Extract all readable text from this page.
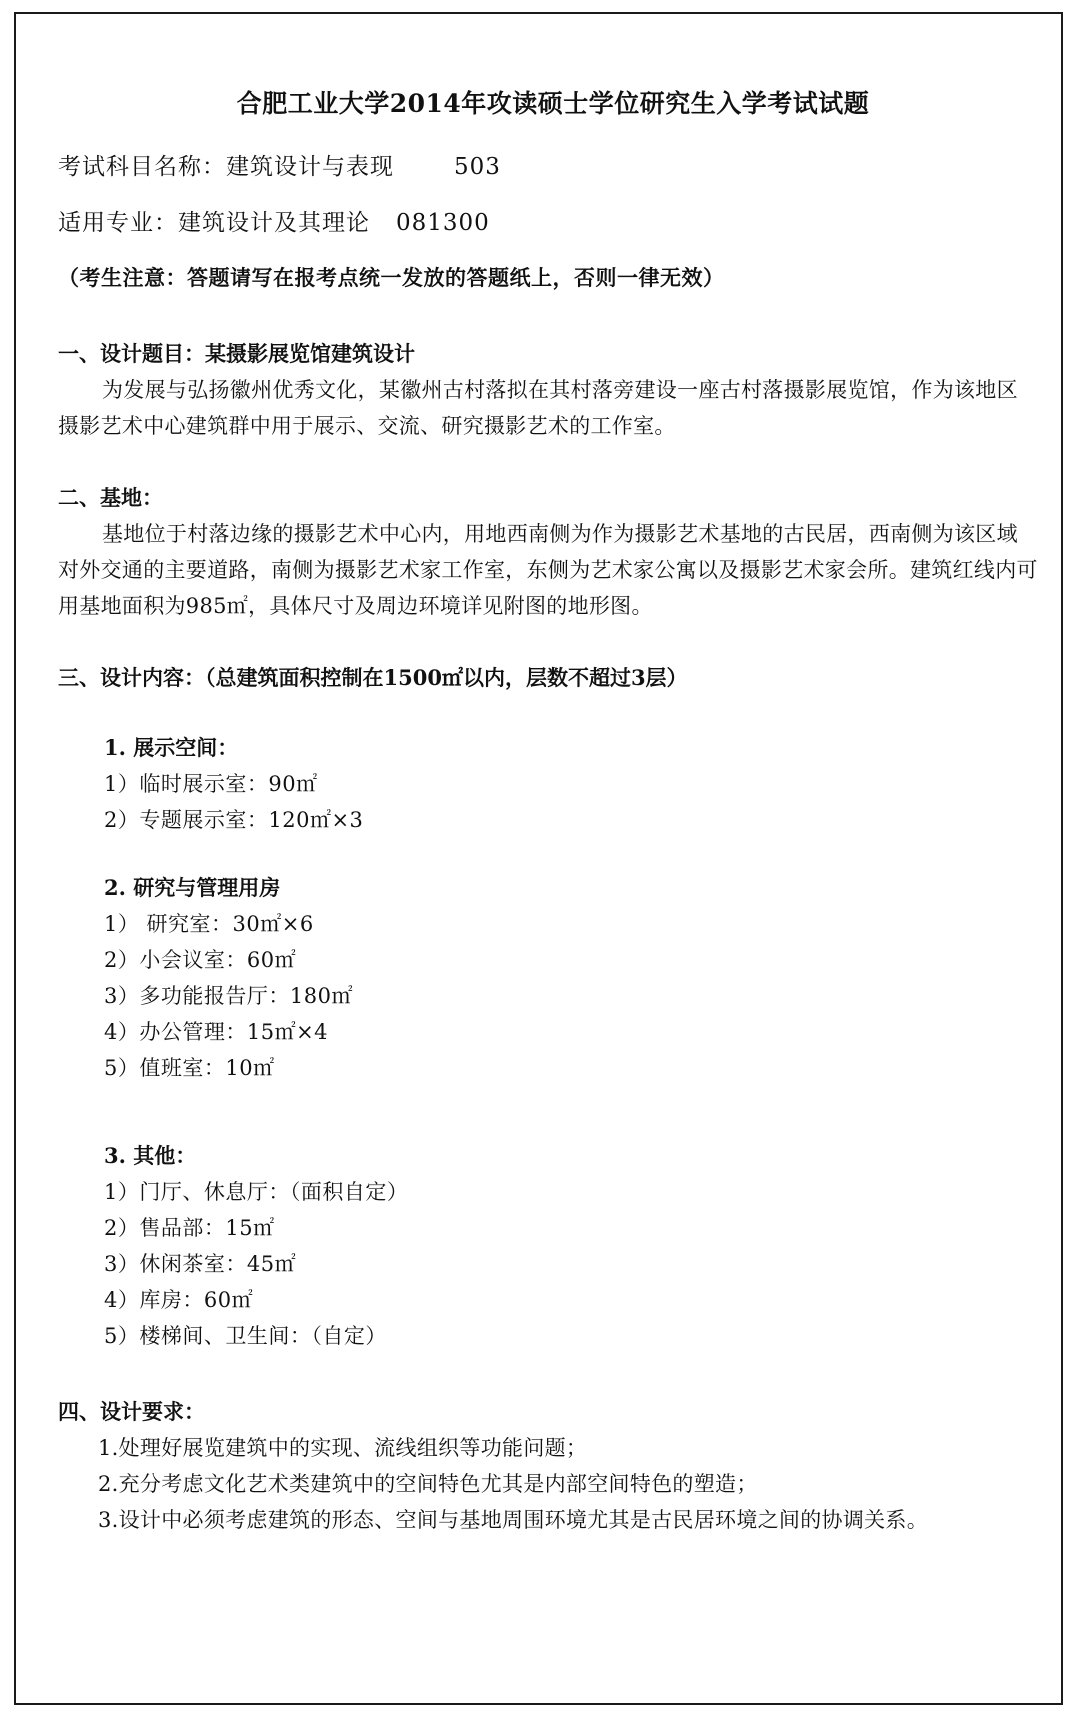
合肥工业大学2014年攻读硕士学位研究生入学考试试题

考试科目名称：建筑设计与表现	503

适用专业：建筑设计及其理论 081300

（考生注意：答题请写在报考点统一发放的答题纸上，否则一律无效）

一、设计题目：某摄影展览馆建筑设计

为发展与弘扬徽州优秀文化，某徽州古村落拟在其村落旁建设一座古村落摄影展览馆，作为该地区摄影艺术中心建筑群中用于展示、交流、研究摄影艺术的工作室。

二、基地：

基地位于村落边缘的摄影艺术中心内，用地西南侧为作为摄影艺术基地的古民居，西南侧为该区域对外交通的主要道路，南侧为摄影艺术家工作室，东侧为艺术家公寓以及摄影艺术家会所。建筑红线内可用基地面积为985㎡，具体尺寸及周边环境详见附图的地形图。

三、设计内容：（总建筑面积控制在1500㎡以内，层数不超过3层）

1. 展示空间：

1）临时展示室：90㎡

2）专题展示室：120㎡×3

2. 研究与管理用房

1） 研究室：30㎡×6

2）小会议室：60㎡

3）多功能报告厅：180㎡

4）办公管理：15㎡×4

5）值班室：10㎡

3. 其他：

1）门厅、休息厅：（面积自定）

2）售品部：15㎡

3）休闲茶室：45㎡

4）库房：60㎡

5）楼梯间、卫生间：（自定）

四、设计要求：

1.处理好展览建筑中的实现、流线组织等功能问题；

2.充分考虑文化艺术类建筑中的空间特色尤其是内部空间特色的塑造；

3.设计中必须考虑建筑的形态、空间与基地周围环境尤其是古民居环境之间的协调关系。
